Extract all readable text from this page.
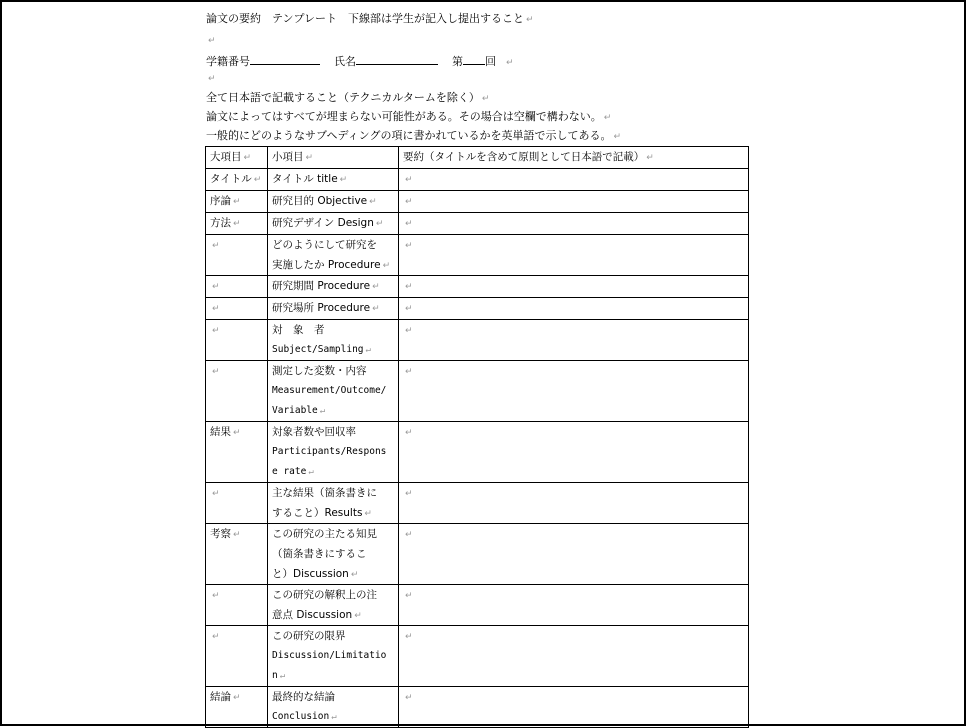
論文の要約　テンプレート　下線部は学生が記入し提出すること ↵
↵
学籍番号	氏名	第 回 ↵
↵
全て日本語で記載すること（テクニカルタームを除く） ↵
論文によってはすべてが埋まらない可能性がある。その場合は空欄で構わない。 ↵
一般的にどのようなサブヘディングの項に書かれているかを英単語で示してある。 ↵
大項目 ↵	小項目 ↵	要約（タイトルを含めて原則として日本語で記載） ↵
タイトル ↵	タイトル title ↵	↵
序論 ↵	研究目的 Objective ↵	↵
方法 ↵	研究デザイン Design ↵	↵
↵	どのようにして研究を
実施したか Procedure ↵	↵
↵	研究期間 Procedure ↵	↵
↵	研究場所 Procedure ↵	↵
↵	対　象　者
Subject/Sampling ↵	↵
↵	測定した変数・内容
Measurement/Outcome/
Variable ↵	↵
結果 ↵	対象者数や回収率
Participants/Respons
e rate ↵	↵
↵	主な結果（箇条書きに
すること）Results ↵	↵
考察 ↵	この研究の主たる知見
（箇条書きにするこ
と）Discussion ↵	↵
↵	この研究の解釈上の注
意点 Discussion ↵	↵
↵	この研究の限界
Discussion/Limitatio
n ↵	↵
結論 ↵	最終的な結論
Conclusion ↵	↵
